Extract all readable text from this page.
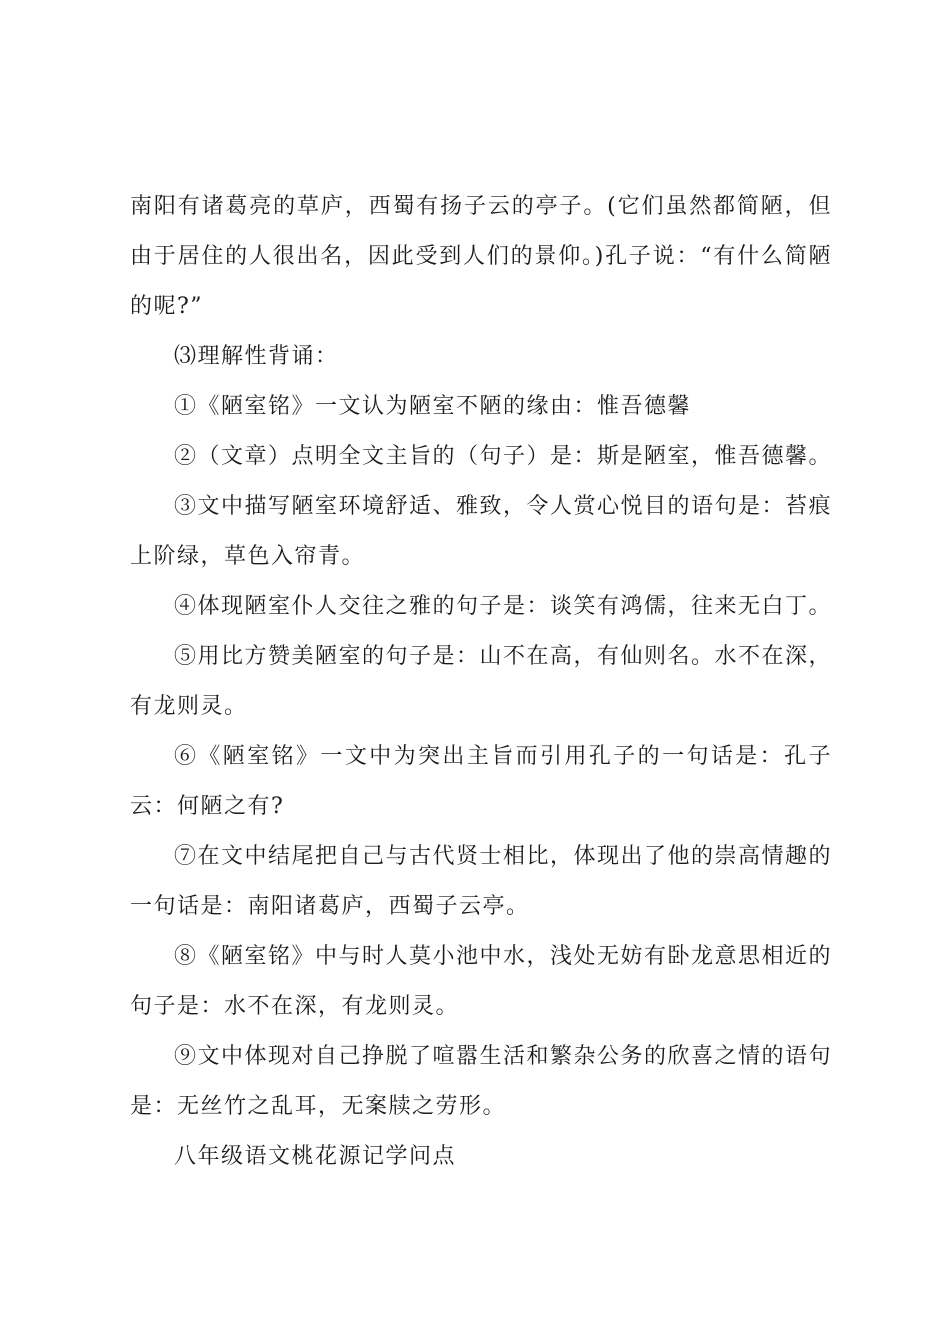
南阳有诸葛亮的草庐，西蜀有扬子云的亭子。(它们虽然都简陋，但由于居住的人很出名，因此受到人们的景仰。)孔子说：“有什么简陋的呢?”

⑶理解性背诵：

①《陋室铭》一文认为陋室不陋的缘由：惟吾德馨

②（文章）点明全文主旨的（句子）是：斯是陋室，惟吾德馨。

③文中描写陋室环境舒适、雅致，令人赏心悦目的语句是：苔痕上阶绿，草色入帘青。

④体现陋室仆人交往之雅的句子是：谈笑有鸿儒，往来无白丁。

⑤用比方赞美陋室的句子是：山不在高，有仙则名。水不在深，有龙则灵。

⑥《陋室铭》一文中为突出主旨而引用孔子的一句话是：孔子云：何陋之有?

⑦在文中结尾把自己与古代贤士相比，体现出了他的崇高情趣的一句话是：南阳诸葛庐，西蜀子云亭。

⑧《陋室铭》中与时人莫小池中水，浅处无妨有卧龙意思相近的句子是：水不在深，有龙则灵。

⑨文中体现对自己挣脱了喧嚣生活和繁杂公务的欣喜之情的语句是：无丝竹之乱耳，无案牍之劳形。

八年级语文桃花源记学问点
